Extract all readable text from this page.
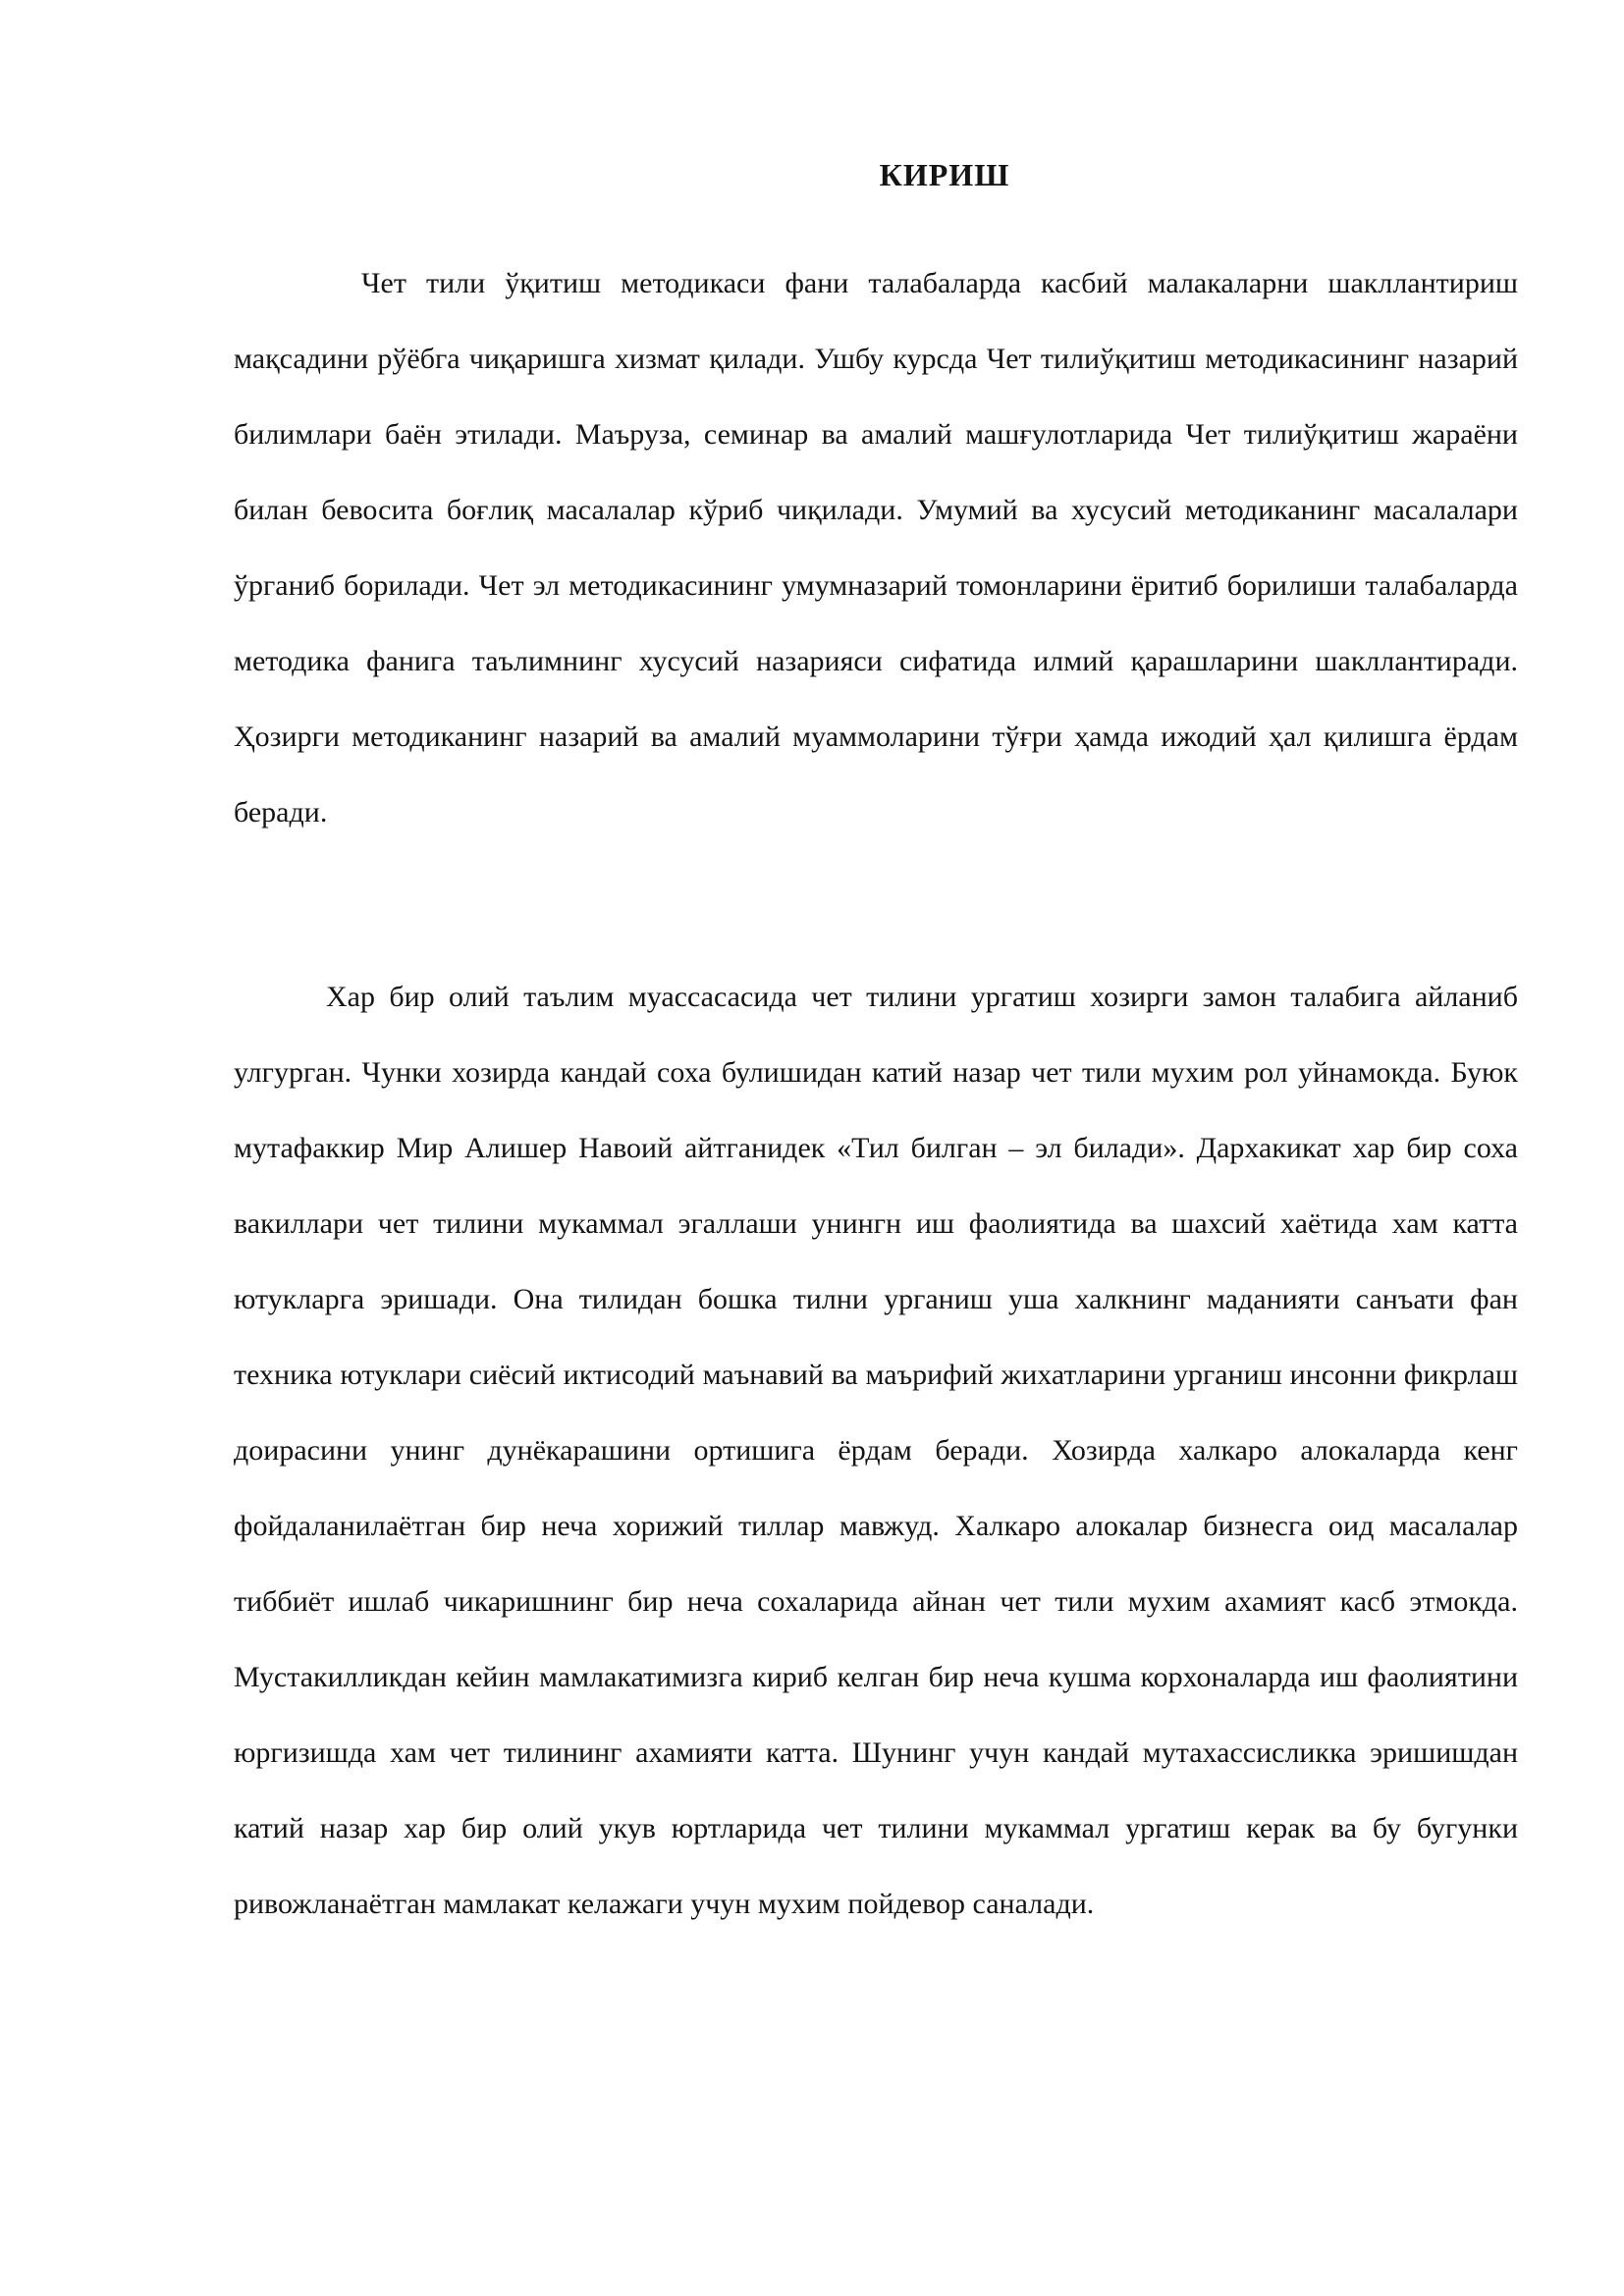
КИРИШ

Чет тили ўқитиш методикаси фани талабаларда касбий малакаларни шакллантириш мақсадини рўёбга чиқаришга хизмат қилади. Ушбу курсда Чет тилиўқитиш методикасининг назарий билимлари баён этилади. Маъруза, семинар ва амалий машғулотларида Чет тилиўқитиш жараёни билан бевосита боғлиқ масалалар кўриб чиқилади. Умумий ва хусусий методиканинг масалалари ўрганиб борилади. Чет эл методикасининг умумназарий томонларини ёритиб борилиши талабаларда методика фанига таълимнинг хусусий назарияси сифатида илмий қарашларини шакллантиради. Ҳозирги методиканинг назарий ва амалий муаммоларини тўғри ҳамда ижодий ҳал қилишга ёрдам беради.

Хар бир олий таълим муассасасида чет тилини ургатиш хозирги замон талабига айланиб улгурган. Чунки хозирда кандай соха булишидан катий назар чет тили мухим рол уйнамокда. Буюк мутафаккир Мир Алишер Навоий айтганидек «Тил билган – эл билади». Дархакикат хар бир соха вакиллари чет тилини мукаммал эгаллаши унингн иш фаолиятида ва шахсий хаётида хам катта ютукларга эришади. Она тилидан бошка тилни урганиш уша халкнинг маданияти санъати фан техника ютуклари сиёсий иктисодий маънавий ва маърифий жихатларини урганиш инсонни фикрлаш доирасини унинг дунёкарашини ортишига ёрдам беради. Хозирда халкаро алокаларда кенг фойдаланилаётган бир неча хорижий тиллар мавжуд. Халкаро алокалар бизнесга оид масалалар тиббиёт ишлаб чикаришнинг бир неча сохаларида айнан чет тили мухим ахамият касб этмокда. Мустакилликдан кейин мамлакатимизга кириб келган бир неча кушма корхоналарда иш фаолиятини юргизишда хам чет тилининг ахамияти катта. Шунинг учун кандай мутахассисликка эришишдан катий назар хар бир олий укув юртларида чет тилини мукаммал ургатиш керак ва бу бугунки ривожланаётган мамлакат келажаги учун мухим пойдевор саналади.
